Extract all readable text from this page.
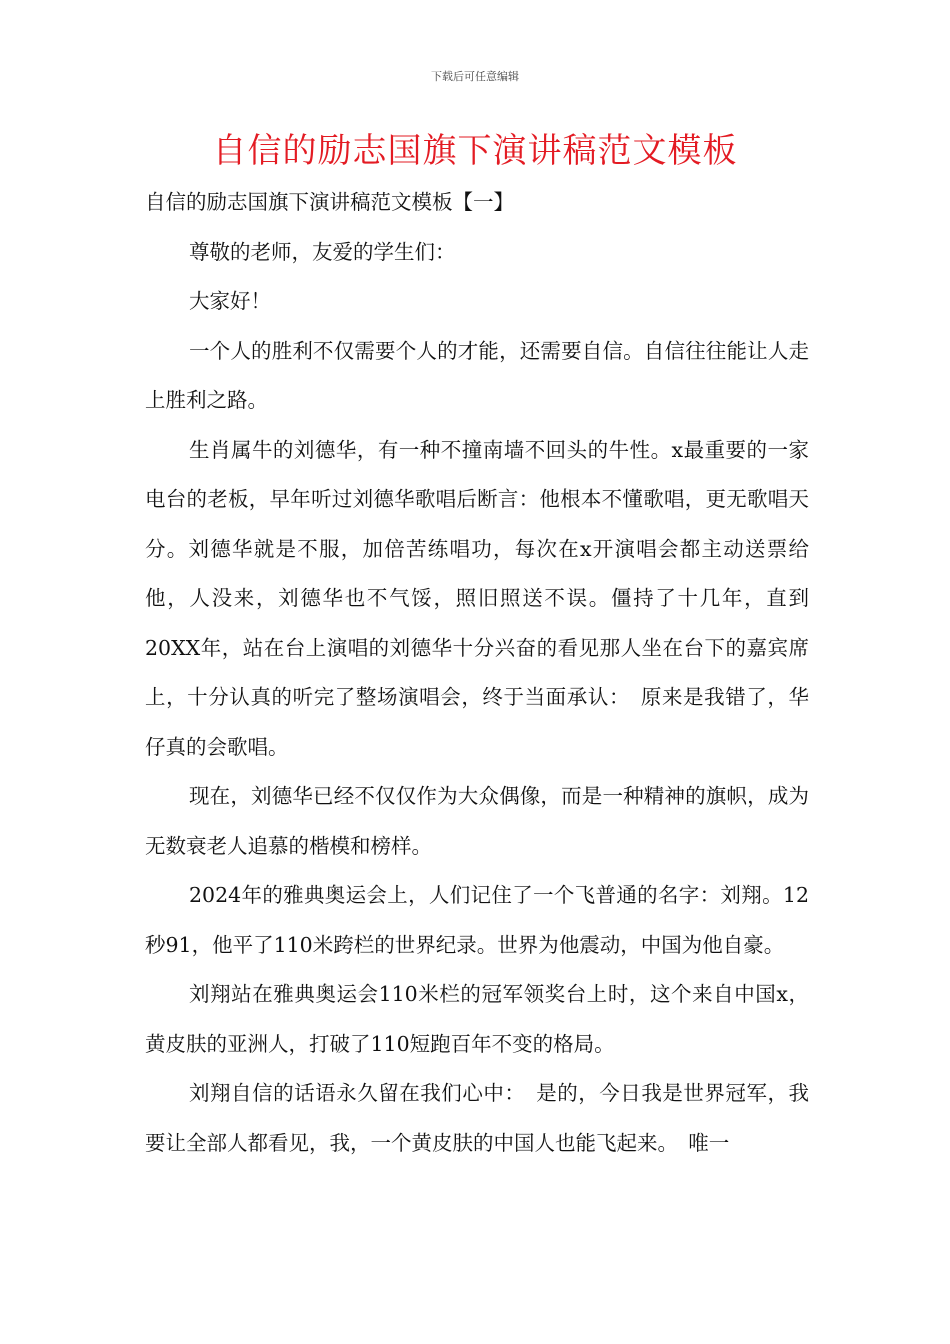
下载后可任意编辑
自信的励志国旗下演讲稿范文模板

自信的励志国旗下演讲稿范文模板【一】

尊敬的老师，友爱的学生们：

大家好！

一个人的胜利不仅需要个人的才能，还需要自信。自信往往能让人走上胜利之路。

生肖属牛的刘德华，有一种不撞南墙不回头的牛性。x最重要的一家电台的老板，早年听过刘德华歌唱后断言：他根本不懂歌唱，更无歌唱天分。刘德华就是不服，加倍苦练唱功，每次在x开演唱会都主动送票给他，人没来，刘德华也不气馁，照旧照送不误。僵持了十几年，直到20XX年，站在台上演唱的刘德华十分兴奋的看见那人坐在台下的嘉宾席上，十分认真的听完了整场演唱会，终于当面承认：　原来是我错了，华仔真的会歌唱。

现在，刘德华已经不仅仅作为大众偶像，而是一种精神的旗帜，成为无数衰老人追慕的楷模和榜样。

2024年的雅典奥运会上，人们记住了一个飞普通的名字：刘翔。12秒91，他平了110米跨栏的世界纪录。世界为他震动，中国为他自豪。

刘翔站在雅典奥运会110米栏的冠军领奖台上时，这个来自中国x，黄皮肤的亚洲人，打破了110短跑百年不变的格局。

刘翔自信的话语永久留在我们心中：　是的，今日我是世界冠军，我要让全部人都看见，我，一个黄皮肤的中国人也能飞起来。　唯一
